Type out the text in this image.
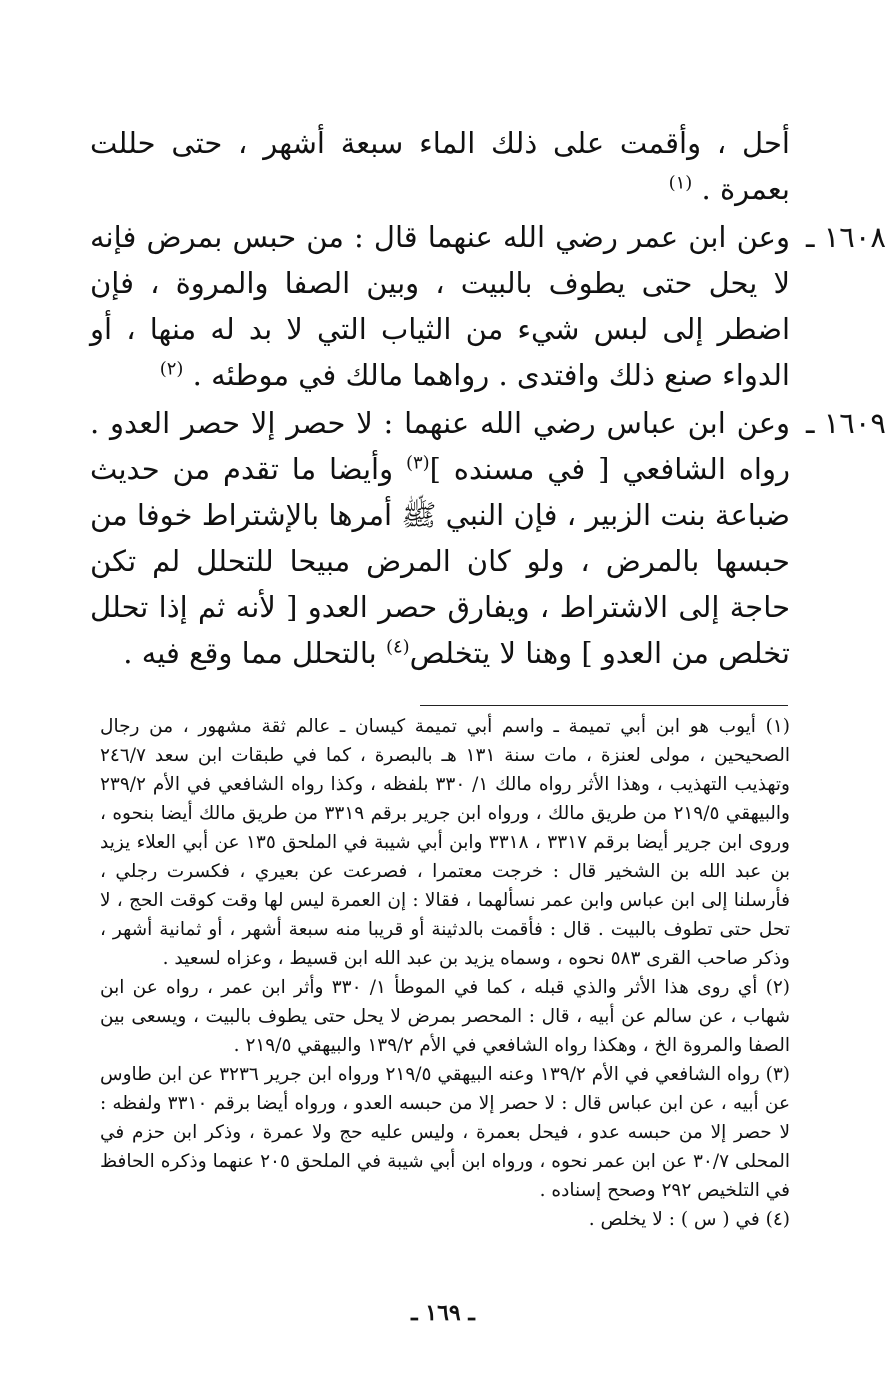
أحل ، وأقمت على ذلك الماء سبعة أشهر ، حتى حللت بعمرة . $^{(١)}$

١٦٠٨ ـ

وعن ابن عمر رضي الله عنهما قال : من حبس بمرض فإنه لا يحل حتى يطوف بالبيت ، وبين الصفا والمروة ، فإن اضطر إلى لبس شيء من الثياب التي لا بد له منها ، أو الدواء صنع ذلك وافتدى . رواهما مالك في موطئه . $^{(٢)}$

١٦٠٩ ـ

وعن ابن عباس رضي الله عنهما : لا حصر إلا حصر العدو . رواه الشافعي [ في مسنده ]$^{(٣)}$ وأيضا ما تقدم من حديث ضباعة بنت الزبير ، فإن النبي ﷺ أمرها بالإشتراط خوفا من حبسها بالمرض ، ولو كان المرض مبيحا للتحلل لم تكن حاجة إلى الاشتراط ، ويفارق حصر العدو [ لأنه ثم إذا تحلل تخلص من العدو ] وهنا لا يتخلص$^{(٤)}$ بالتحلل مما وقع فيه .

(١) أيوب هو ابن أبي تميمة ـ واسم أبي تميمة كيسان ـ عالم ثقة مشهور ، من رجال الصحيحين ، مولى لعنزة ، مات سنة ١٣١ هـ بالبصرة ، كما في طبقات ابن سعد ٢٤٦/٧ وتهذيب التهذيب ، وهذا الأثر رواه مالك ١/ ٣٣٠ بلفظه ، وكذا رواه الشافعي في الأم ٢٣٩/٢ والبيهقي ٢١٩/٥ من طريق مالك ، ورواه ابن جرير برقم ٣٣١٩ من طريق مالك أيضا بنحوه ، وروى ابن جرير أيضا برقم ٣٣١٧ ، ٣٣١٨ وابن أبي شيبة في الملحق ١٣٥ عن أبي العلاء يزيد بن عبد الله بن الشخير قال : خرجت معتمرا ، فصرعت عن بعيري ، فكسرت رجلي ، فأرسلنا إلى ابن عباس وابن عمر نسألهما ، فقالا : إن العمرة ليس لها وقت كوقت الحج ، لا تحل حتى تطوف بالبيت . قال : فأقمت بالدثينة أو قريبا منه سبعة أشهر ، أو ثمانية أشهر ، وذكر صاحب القرى ٥٨٣ نحوه ، وسماه يزيد بن عبد الله ابن قسيط ، وعزاه لسعيد .

(٢) أي روى هذا الأثر والذي قبله ، كما في الموطأ ١/ ٣٣٠ وأثر ابن عمر ، رواه عن ابن شهاب ، عن سالم عن أبيه ، قال : المحصر بمرض لا يحل حتى يطوف بالبيت ، ويسعى بين الصفا والمروة الخ ، وهكذا رواه الشافعي في الأم ١٣٩/٢ والبيهقي ٢١٩/٥ .

(٣) رواه الشافعي في الأم ١٣٩/٢ وعنه البيهقي ٢١٩/٥ ورواه ابن جرير ٣٢٣٦ عن ابن طاوس عن أبيه ، عن ابن عباس قال : لا حصر إلا من حبسه العدو ، ورواه أيضا برقم ٣٣١٠ ولفظه : لا حصر إلا من حبسه عدو ، فيحل بعمرة ، وليس عليه حج ولا عمرة ، وذكر ابن حزم في المحلى ٣٠/٧ عن ابن عمر نحوه ، ورواه ابن أبي شيبة في الملحق ٢٠٥ عنهما وذكره الحافظ في التلخيص ٢٩٢ وصحح إسناده .

(٤) في ( س ) : لا يخلص .

ـ ١٦٩ ـ
